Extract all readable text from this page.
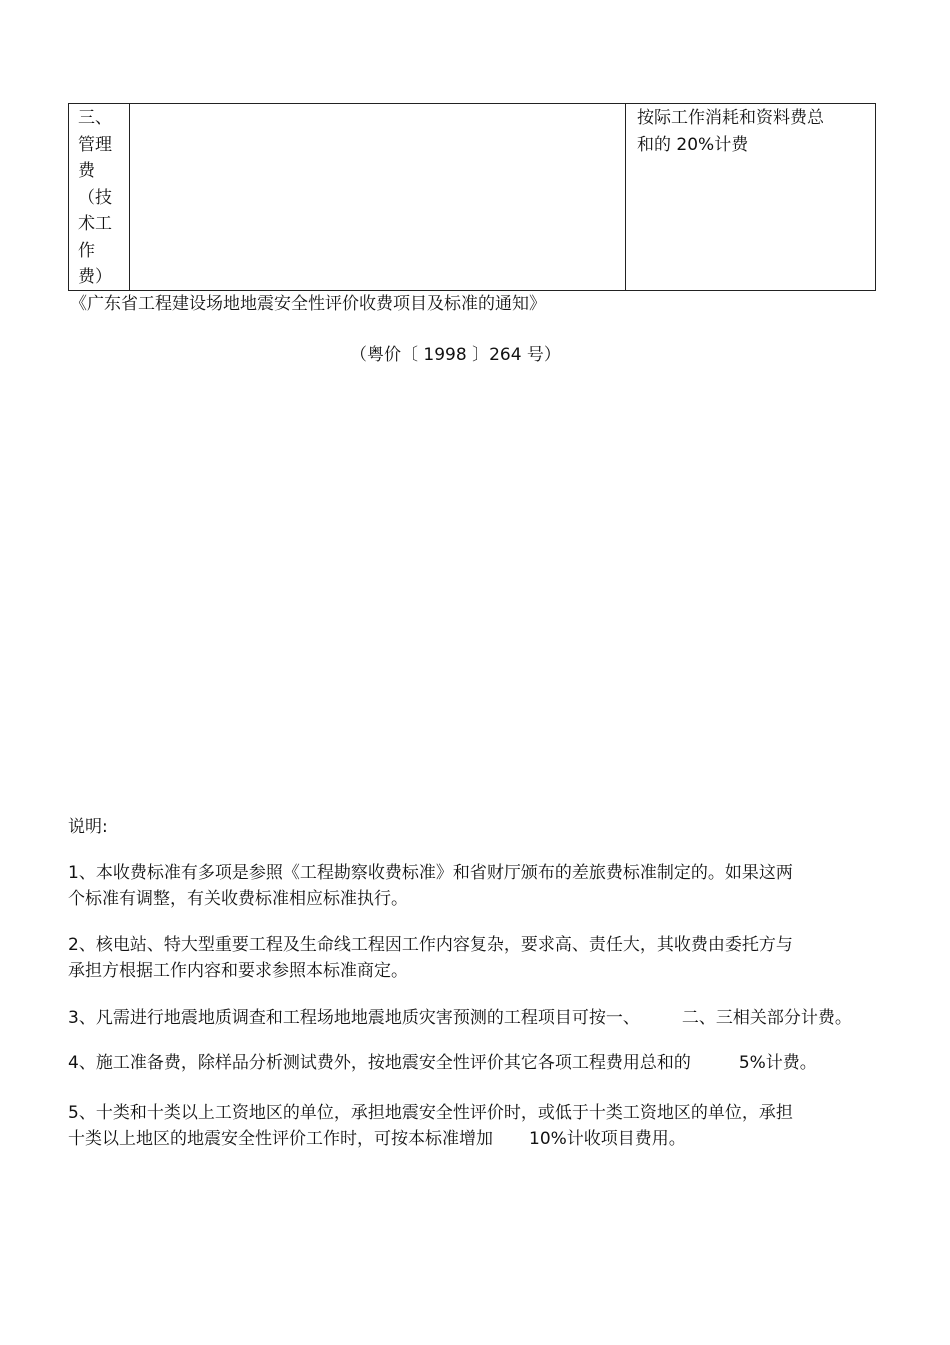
三、
管理
费
（技
术工
作
费）
按际工作消耗和资料费总
和的 20%计费
《广东省工程建设场地地震安全性评价收费项目及标准的通知》
（粤价〔 1998 〕264 号）
说明:
1、本收费标准有多项是参照《工程勘察收费标准》和省财厅颁布的差旅费标准制定的。如果这两
个标准有调整，有关收费标准相应标准执行。
2、核电站、特大型重要工程及生命线工程因工作内容复杂，要求高、责任大，其收费由委托方与
承担方根据工作内容和要求参照本标准商定。
3、凡需进行地震地质调查和工程场地地震地质灾害预测的工程项目可按一、 二、三相关部分计费。
4、施工准备费，除样品分析测试费外，按地震安全性评价其它各项工程费用总和的	5%计费。
5、十类和十类以上工资地区的单位，承担地震安全性评价时，或低于十类工资地区的单位，承担
十类以上地区的地震安全性评价工作时，可按本标准增加 10%计收项目费用。
